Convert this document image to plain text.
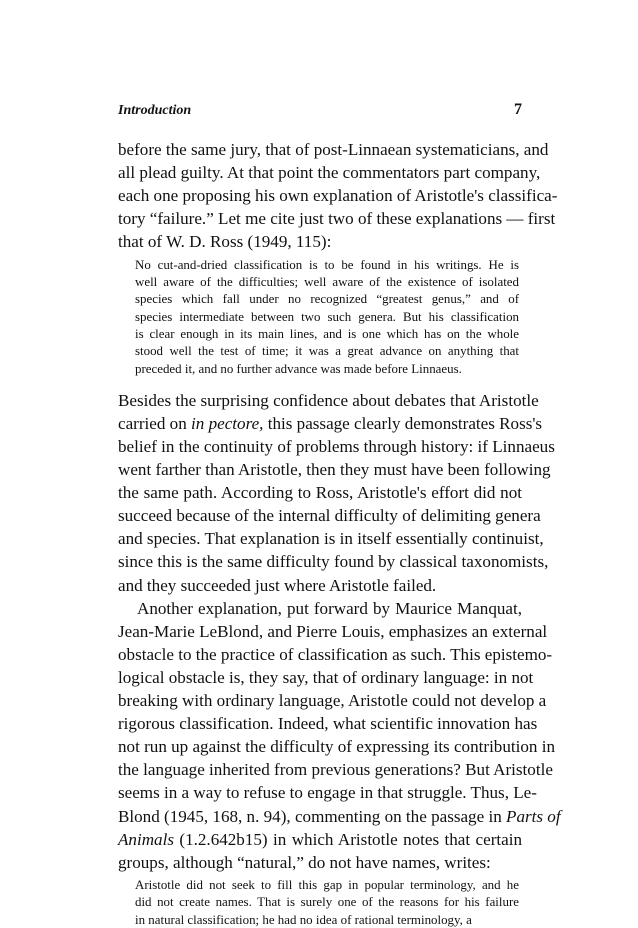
Introduction	7
before the same jury, that of post-Linnaean systematicians, and
all plead guilty. At that point the commentators part company,
each one proposing his own explanation of Aristotle's classifica-
tory “failure.” Let me cite just two of these explanations — first
that of W. D. Ross (1949, 115):
No cut-and-dried classification is to be found in his writings. He is
well aware of the difficulties; well aware of the existence of isolated
species which fall under no recognized “greatest genus,” and of
species intermediate between two such genera. But his classification
is clear enough in its main lines, and is one which has on the whole
stood well the test of time; it was a great advance on anything that
preceded it, and no further advance was made before Linnaeus.
Besides the surprising confidence about debates that Aristotle
carried on in pectore, this passage clearly demonstrates Ross's
belief in the continuity of problems through history: if Linnaeus
went farther than Aristotle, then they must have been following
the same path. According to Ross, Aristotle's effort did not
succeed because of the internal difficulty of delimiting genera
and species. That explanation is in itself essentially continuist,
since this is the same difficulty found by classical taxonomists,
and they succeeded just where Aristotle failed.
Another explanation, put forward by Maurice Manquat,
Jean-Marie LeBlond, and Pierre Louis, emphasizes an external
obstacle to the practice of classification as such. This epistemo-
logical obstacle is, they say, that of ordinary language: in not
breaking with ordinary language, Aristotle could not develop a
rigorous classification. Indeed, what scientific innovation has
not run up against the difficulty of expressing its contribution in
the language inherited from previous generations? But Aristotle
seems in a way to refuse to engage in that struggle. Thus, Le-
Blond (1945, 168, n. 94), commenting on the passage in Parts of
Animals (1.2.642b15) in which Aristotle notes that certain
groups, although “natural,” do not have names, writes:
Aristotle did not seek to fill this gap in popular terminology, and he
did not create names. That is surely one of the reasons for his failure
in natural classification; he had no idea of rational terminology, a
